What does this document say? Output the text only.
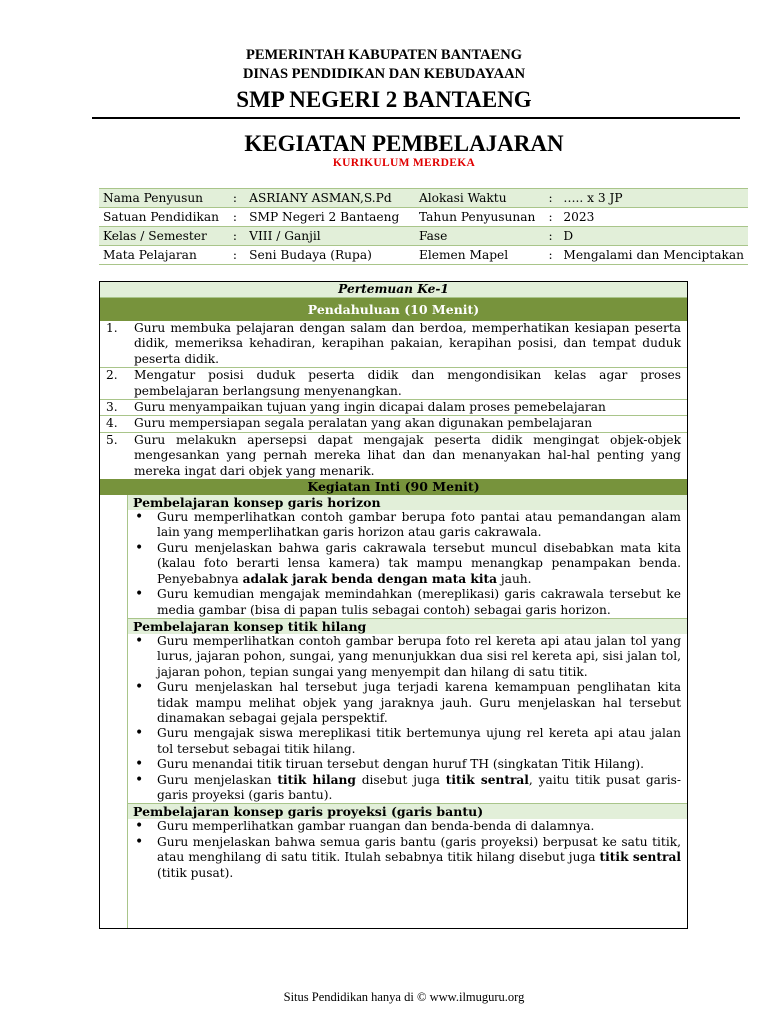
PEMERINTAH KABUPATEN BANTAENG
DINAS PENDIDIKAN DAN KEBUDAYAAN
SMP NEGERI 2 BANTAENG
KEGIATAN PEMBELAJARAN
KURIKULUM MERDEKA
Nama Penyusun	:	ASRIANY ASMAN,S.Pd	Alokasi Waktu	:	….. x 3 JP
Satuan Pendidikan	:	SMP Negeri 2 Bantaeng	Tahun Penyusunan	:	2023
Kelas / Semester	:	VIII / Ganjil	Fase	:	D
Mata Pelajaran	:	Seni Budaya (Rupa)	Elemen Mapel	:	Mengalami dan Menciptakan
Pertemuan Ke-1
Pendahuluan (10 Menit)
1.	Guru membuka pelajaran dengan salam dan berdoa, memperhatikan kesiapan peserta didik, memeriksa kehadiran, kerapihan pakaian, kerapihan posisi, dan tempat duduk peserta didik.
2.	Mengatur posisi duduk peserta didik dan mengondisikan kelas agar proses pembelajaran berlangsung menyenangkan.
3.	Guru menyampaikan tujuan yang ingin dicapai dalam proses pemebelajaran
4.	Guru mempersiapan segala peralatan yang akan digunakan pembelajaran
5.	Guru melakukn apersepsi dapat mengajak peserta didik mengingat objek-objek mengesankan yang pernah mereka lihat dan dan menanyakan hal-hal penting yang mereka ingat dari objek yang menarik.
Kegiatan Inti (90 Menit)
Pembelajaran konsep garis horizon
• Guru memperlihatkan contoh gambar berupa foto pantai atau pemandangan alam lain yang memperlihatkan garis horizon atau garis cakrawala.
• Guru menjelaskan bahwa garis cakrawala tersebut muncul disebabkan mata kita (kalau foto berarti lensa kamera) tak mampu menangkap penampakan benda. Penyebabnya adalak jarak benda dengan mata kita jauh.
• Guru kemudian mengajak memindahkan (mereplikasi) garis cakrawala tersebut ke media gambar (bisa di papan tulis sebagai contoh) sebagai garis horizon.
Pembelajaran konsep titik hilang
• Guru memperlihatkan contoh gambar berupa foto rel kereta api atau jalan tol yang lurus, jajaran pohon, sungai, yang menunjukkan dua sisi rel kereta api, sisi jalan tol, jajaran pohon, tepian sungai yang menyempit dan hilang di satu titik.
• Guru menjelaskan hal tersebut juga terjadi karena kemampuan penglihatan kita tidak mampu melihat objek yang jaraknya jauh. Guru menjelaskan hal tersebut dinamakan sebagai gejala perspektif.
• Guru mengajak siswa mereplikasi titik bertemunya ujung rel kereta api atau jalan tol tersebut sebagai titik hilang.
• Guru menandai titik tiruan tersebut dengan huruf TH (singkatan Titik Hilang).
• Guru menjelaskan titik hilang disebut juga titik sentral, yaitu titik pusat garis-garis proyeksi (garis bantu).
Pembelajaran konsep garis proyeksi (garis bantu)
• Guru memperlihatkan gambar ruangan dan benda-benda di dalamnya.
• Guru menjelaskan bahwa semua garis bantu (garis proyeksi) berpusat ke satu titik, atau menghilang di satu titik. Itulah sebabnya titik hilang disebut juga titik sentral (titik pusat).
Situs Pendidikan hanya di © www.ilmuguru.org
